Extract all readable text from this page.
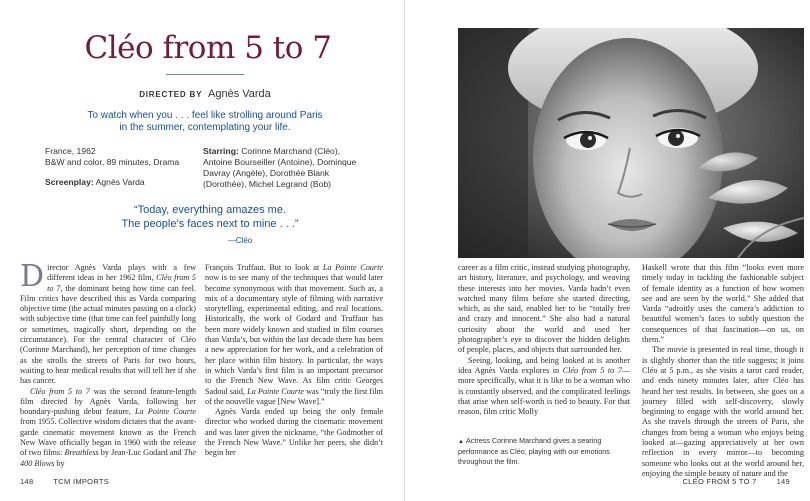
Cléo from 5 to 7
DIRECTED BY Agnès Varda
To watch when you . . . feel like strolling around Paris
in the summer, contemplating your life.
France, 1962
B&W and color, 89 minutes, Drama
Screenplay: Agnès Varda
Starring: Corinne Marchand (Cléo), Antoine Bourseiller (Antoine), Dominque Davray (Angèle), Dorothée Blank (Dorothée), Michel Legrand (Bob)
“Today, everything amazes me.
The people’s faces next to mine . . .”
—Cléo
Director Agnès Varda plays with a few different ideas in her 1962 film, Cléo from 5 to 7, the dominant being how time can feel. Film critics have described this as Varda comparing objective time (the actual minutes passing on a clock) with subjective time (that time can feel painfully long or sometimes, tragically short, depending on the circumstance). For the central character of Cléo (Corinne Marchand), her perception of time changes as she strolls the streets of Paris for two hours, waiting to hear medical results that will tell her if she has cancer.
Cléo from 5 to 7 was the second feature-length film directed by Agnès Varda, following her boundary-pushing debut feature, La Pointe Courte from 1955. Collective wisdom dictates that the avant-garde cinematic movement known as the French New Wave officially began in 1960 with the release of two films: Breathless by Jean-Luc Godard and The 400 Blows by
François Truffaut. But to look at La Pointe Courte now is to see many of the techniques that would later become synonymous with that movement. Such as, a mix of a documentary style of filming with narrative storytelling, experimental editing, and real locations. Historically, the work of Godard and Truffaut has been more widely known and studied in film courses than Varda’s, but within the last decade there has been a new appreciation for her work, and a celebration of her place within film history. In particular, the ways in which Varda’s first film is an important precursor to the French New Wave. As film critic Georges Sadoul said, La Pointe Courte was “truly the first film of the nouvelle vague [New Wave].”
Agnès Varda ended up being the only female director who worked during the cinematic movement and was later given the nickname, “the Godmother of the French New Wave.” Unlike her peers, she didn’t begin her
148	TCM IMPORTS
career as a film critic, instead studying photography, art history, literature, and psychology, and weaving these interests into her movies. Varda hadn’t even watched many films before she started directing, which, as she said, enabled her to be “totally free and crazy and innocent.” She also had a natural curiosity about the world and used her photographer’s eye to discover the hidden delights of people, places, and objects that surrounded her.
Seeing, looking, and being looked at is another idea Agnès Varda explores in Cléo from 5 to 7—more specifically, what it is like to be a woman who is constantly observed, and the complicated feelings that arise when self-worth is tied to beauty. For that reason, film critic Molly
▲ Actress Corinne Marchand gives a searing performance as Cléo, playing with our emotions throughout the film.
Haskell wrote that this film “looks even more timely today in tackling the fashionable subject of female identity as a function of how women see and are seen by the world.” She added that Varda “adroitly uses the camera’s addiction to beautiful women’s faces to subtly question the consequences of that fascination—on us, on them.”
The movie is presented in real time, though it is slightly shorter than the title suggests; it joins Cléo at 5 p.m., as she visits a tarot card reader, and ends ninety minutes later, after Cléo has heard her test results. In between, she goes on a journey filled with self-discovery, slowly beginning to engage with the world around her. As she travels through the streets of Paris, she changes from being a woman who enjoys being looked at—gazing appreciatively at her own reflection in every mirror—to becoming someone who looks out at the world around her, enjoying the simple beauty of nature and the
CLÉO FROM 5 TO 7	149
